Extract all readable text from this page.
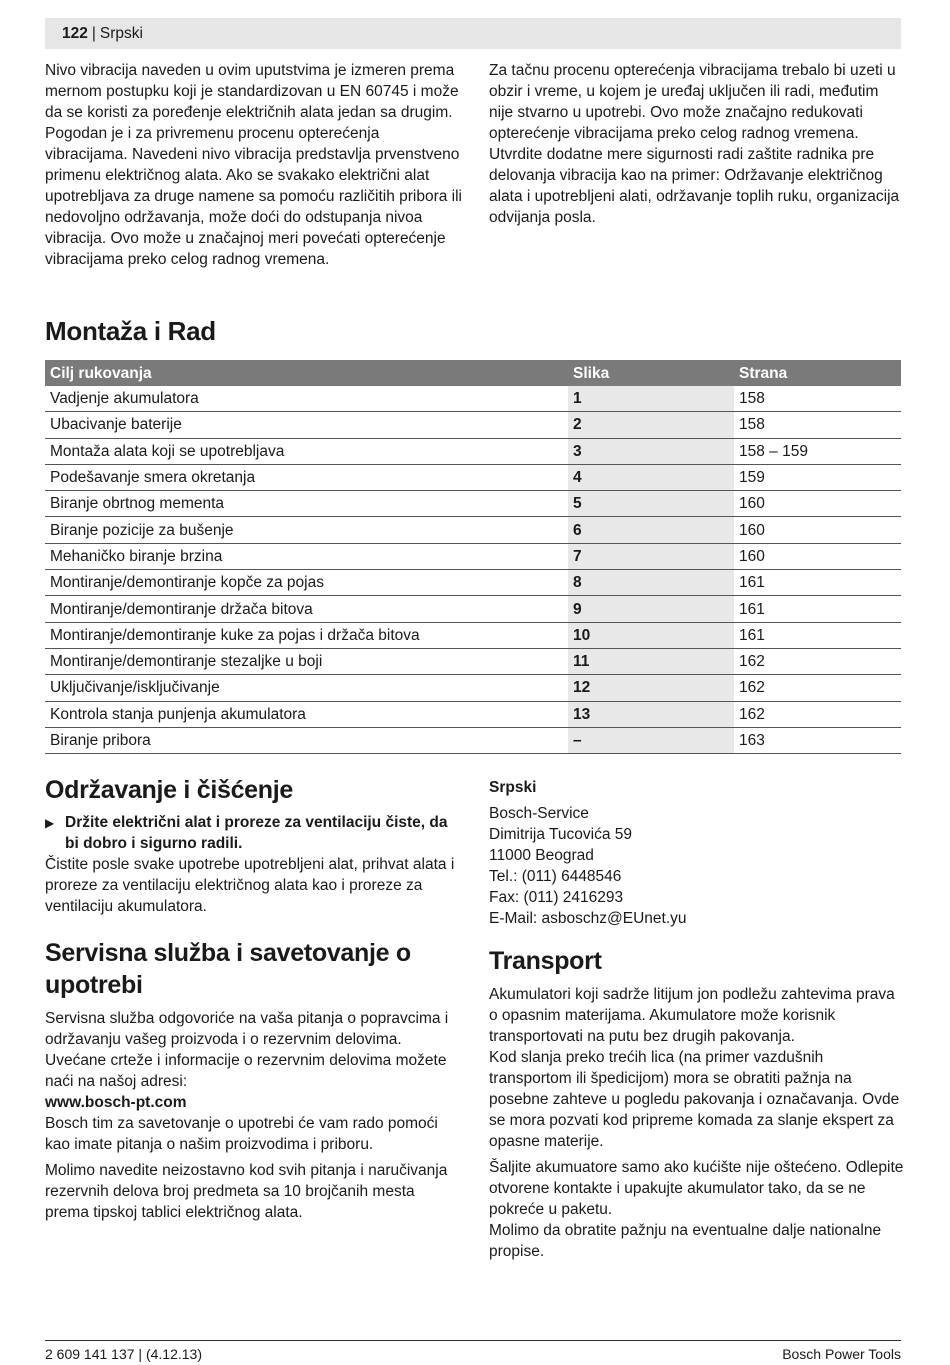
122 | Srpski

Nivo vibracija naveden u ovim uputstvima je izmeren prema mernom postupku koji je standardizovan u EN 60745 i može da se koristi za poređenje električnih alata jedan sa drugim. Pogodan je i za privremenu procenu opterećenja vibracijama. Navedeni nivo vibracija predstavlja prvenstveno primenu električnog alata. Ako se svakako električni alat upotrebljava za druge namene sa pomoću različitih pribora ili nedovoljno održavanja, može doći do odstupanja nivoa vibracija. Ovo može u značajnoj meri povećati opterećenje vibracijama preko celog radnog vremena.

Za tačnu procenu opterećenja vibracijama trebalo bi uzeti u obzir i vreme, u kojem je uređaj uključen ili radi, međutim nije stvarno u upotrebi. Ovo može značajno redukovati opterećenje vibracijama preko celog radnog vremena. Utvrdite dodatne mere sigurnosti radi zaštite radnika pre delovanja vibracija kao na primer: Održavanje električnog alata i upotrebljeni alati, održavanje toplih ruku, organizacija odvijanja posla.

Montaža i Rad
Cilj rukovanja	Slika	Strana
Vadjenje akumulatora	1	158
Ubacivanje baterije	2	158
Montaža alata koji se upotrebljava	3	158 – 159
Podešavanje smera okretanja	4	159
Biranje obrtnog mementa	5	160
Biranje pozicije za bušenje	6	160
Mehaničko biranje brzina	7	160
Montiranje/demontiranje kopče za pojas	8	161
Montiranje/demontiranje držača bitova	9	161
Montiranje/demontiranje kuke za pojas i držača bitova	10	161
Montiranje/demontiranje stezaljke u boji	11	162
Uključivanje/isključivanje	12	162
Kontrola stanja punjenja akumulatora	13	162
Biranje pribora	–	163
Održavanje i čišćenje
▶ Držite električni alat i proreze za ventilaciju čiste, da bi dobro i sigurno radili.

Čistite posle svake upotrebe upotrebljeni alat, prihvat alata i proreze za ventilaciju električnog alata kao i proreze za ventilaciju akumulatora.

Servisna služba i savetovanje o upotrebi

Servisna služba odgovoriće na vaša pitanja o popravcima i održavanju vašeg proizvoda i o rezervnim delovima. Uvećane crteže i informacije o rezervnim delovima možete naći na našoj adresi:

www.bosch-pt.com

Bosch tim za savetovanje o upotrebi će vam rado pomoći kao imate pitanja o našim proizvodima i priboru.

Molimo navedite neizostavno kod svih pitanja i naručivanja rezervnih delova broj predmeta sa 10 brojčanih mesta prema tipskoj tablici električnog alata.

Srpski

Bosch-Service

Dimitrija Tucovića 59

11000 Beograd

Tel.: (011) 6448546

Fax: (011) 2416293

E-Mail: asboschz@EUnet.yu

Transport

Akumulatori koji sadrže litijum jon podležu zahtevima prava o opasnim materijama. Akumulatore može korisnik transportovati na putu bez drugih pakovanja.

Kod slanja preko trećih lica (na primer vazdušnih transportom ili špedicijom) mora se obratiti pažnja na posebne zahteve u pogledu pakovanja i označavanja. Ovde se mora pozvati kod pripreme komada za slanje ekspert za opasne materije.

Šaljite akumuatore samo ako kućište nije oštećeno. Odlepite otvorene kontakte i upakujte akumulator tako, da se ne pokreće u paketu.

Molimo da obratite pažnju na eventualne dalje nationalne propise.

2 609 141 137 | (4.12.13)	Bosch Power Tools
